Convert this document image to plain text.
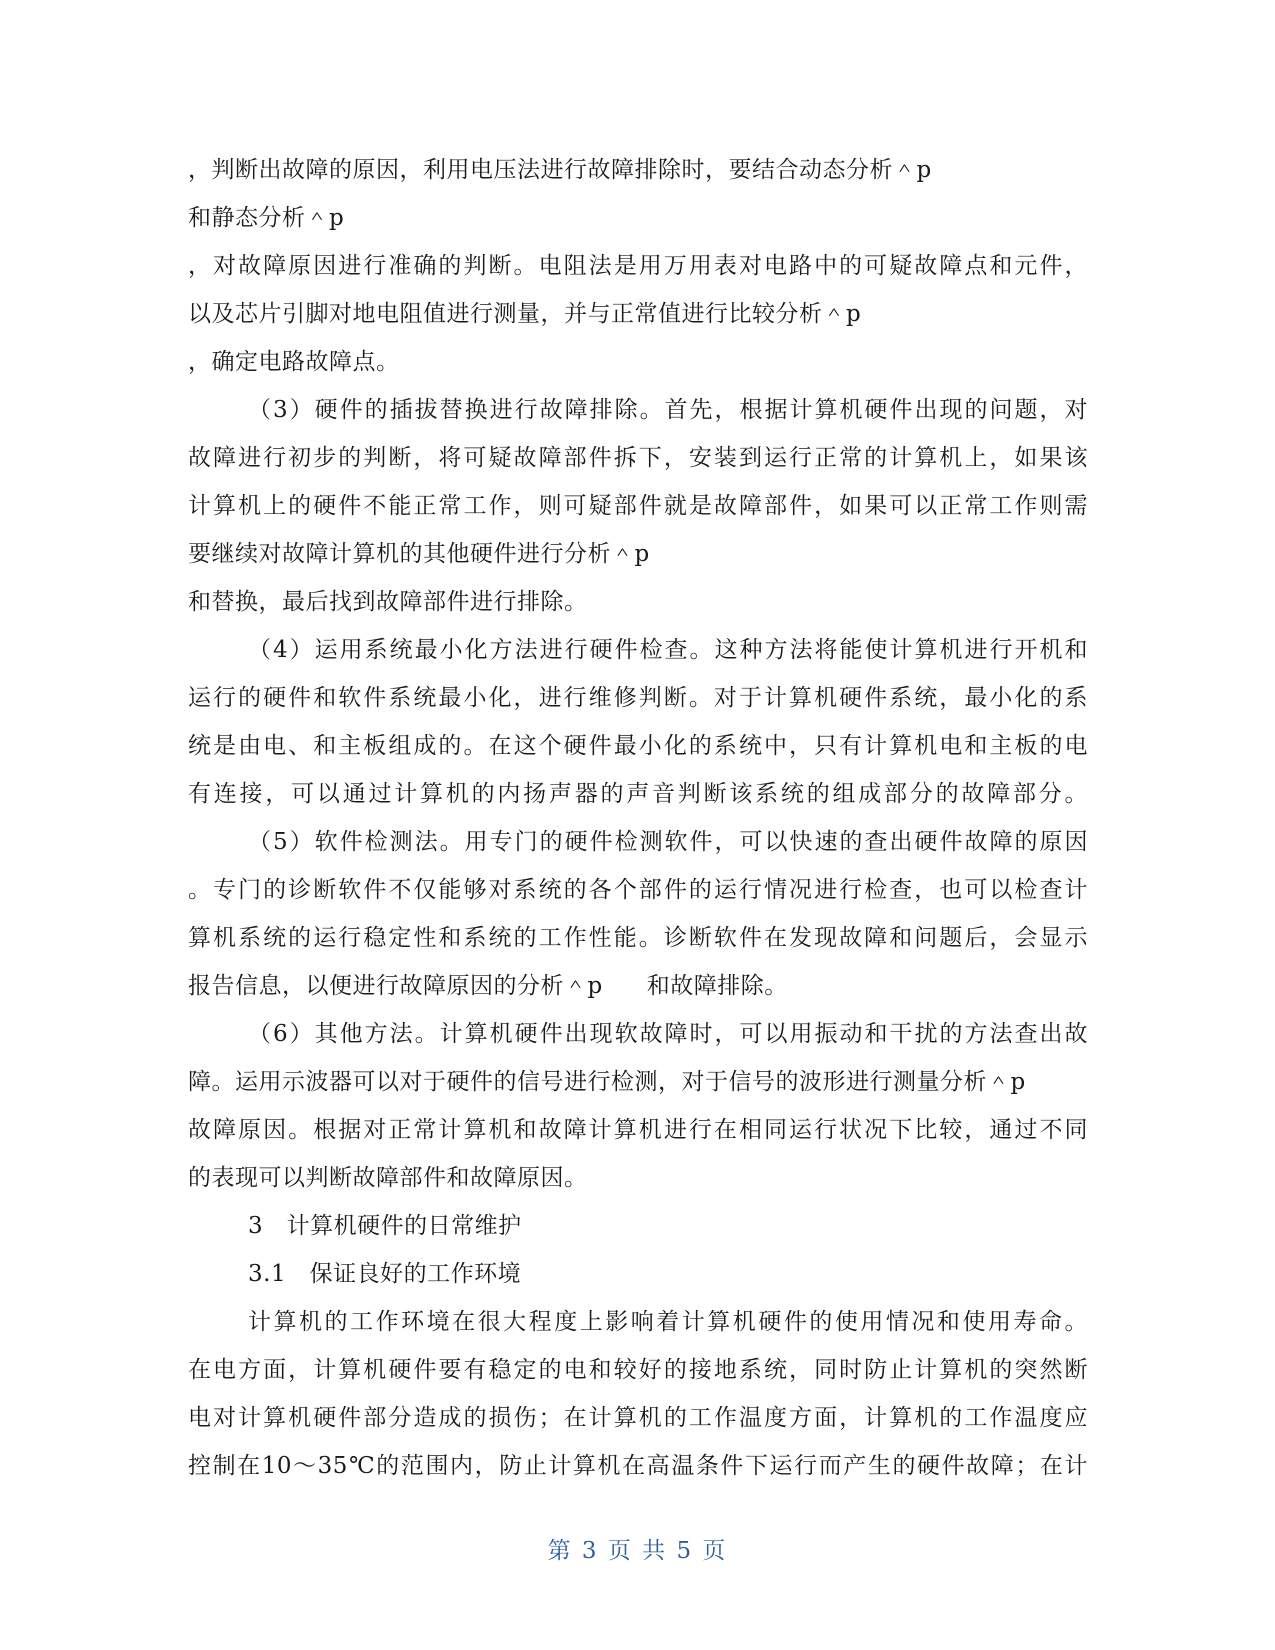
，判断出故障的原因，利用电压法进行故障排除时，要结合动态分析＾p
和静态分析＾p
，对故障原因进行准确的判断。电阻法是用万用表对电路中的可疑故障点和元件，
以及芯片引脚对地电阻值进行测量，并与正常值进行比较分析＾p
，确定电路故障点。
（3）硬件的插拔替换进行故障排除。首先，根据计算机硬件出现的问题，对
故障进行初步的判断，将可疑故障部件拆下，安装到运行正常的计算机上，如果该
计算机上的硬件不能正常工作，则可疑部件就是故障部件，如果可以正常工作则需
要继续对故障计算机的其他硬件进行分析＾p
和替换，最后找到故障部件进行排除。
（4）运用系统最小化方法进行硬件检查。这种方法将能使计算机进行开机和
运行的硬件和软件系统最小化，进行维修判断。对于计算机硬件系统，最小化的系
统是由电、和主板组成的。在这个硬件最小化的系统中，只有计算机电和主板的电
有连接，可以通过计算机的内扬声器的声音判断该系统的组成部分的故障部分。
（5）软件检测法。用专门的硬件检测软件，可以快速的查出硬件故障的原因
。专门的诊断软件不仅能够对系统的各个部件的运行情况进行检查，也可以检查计
算机系统的运行稳定性和系统的工作性能。诊断软件在发现故障和问题后，会显示
报告信息，以便进行故障原因的分析＾p 和故障排除。
（6）其他方法。计算机硬件出现软故障时，可以用振动和干扰的方法查出故
障。运用示波器可以对于硬件的信号进行检测，对于信号的波形进行测量分析＾p
故障原因。根据对正常计算机和故障计算机进行在相同运行状况下比较，通过不同
的表现可以判断故障部件和故障原因。
3　计算机硬件的日常维护
3.1　保证良好的工作环境
计算机的工作环境在很大程度上影响着计算机硬件的使用情况和使用寿命。
在电方面，计算机硬件要有稳定的电和较好的接地系统，同时防止计算机的突然断
电对计算机硬件部分造成的损伤；在计算机的工作温度方面，计算机的工作温度应
控制在10～35℃的范围内，防止计算机在高温条件下运行而产生的硬件故障；在计
第 3 页 共 5 页
